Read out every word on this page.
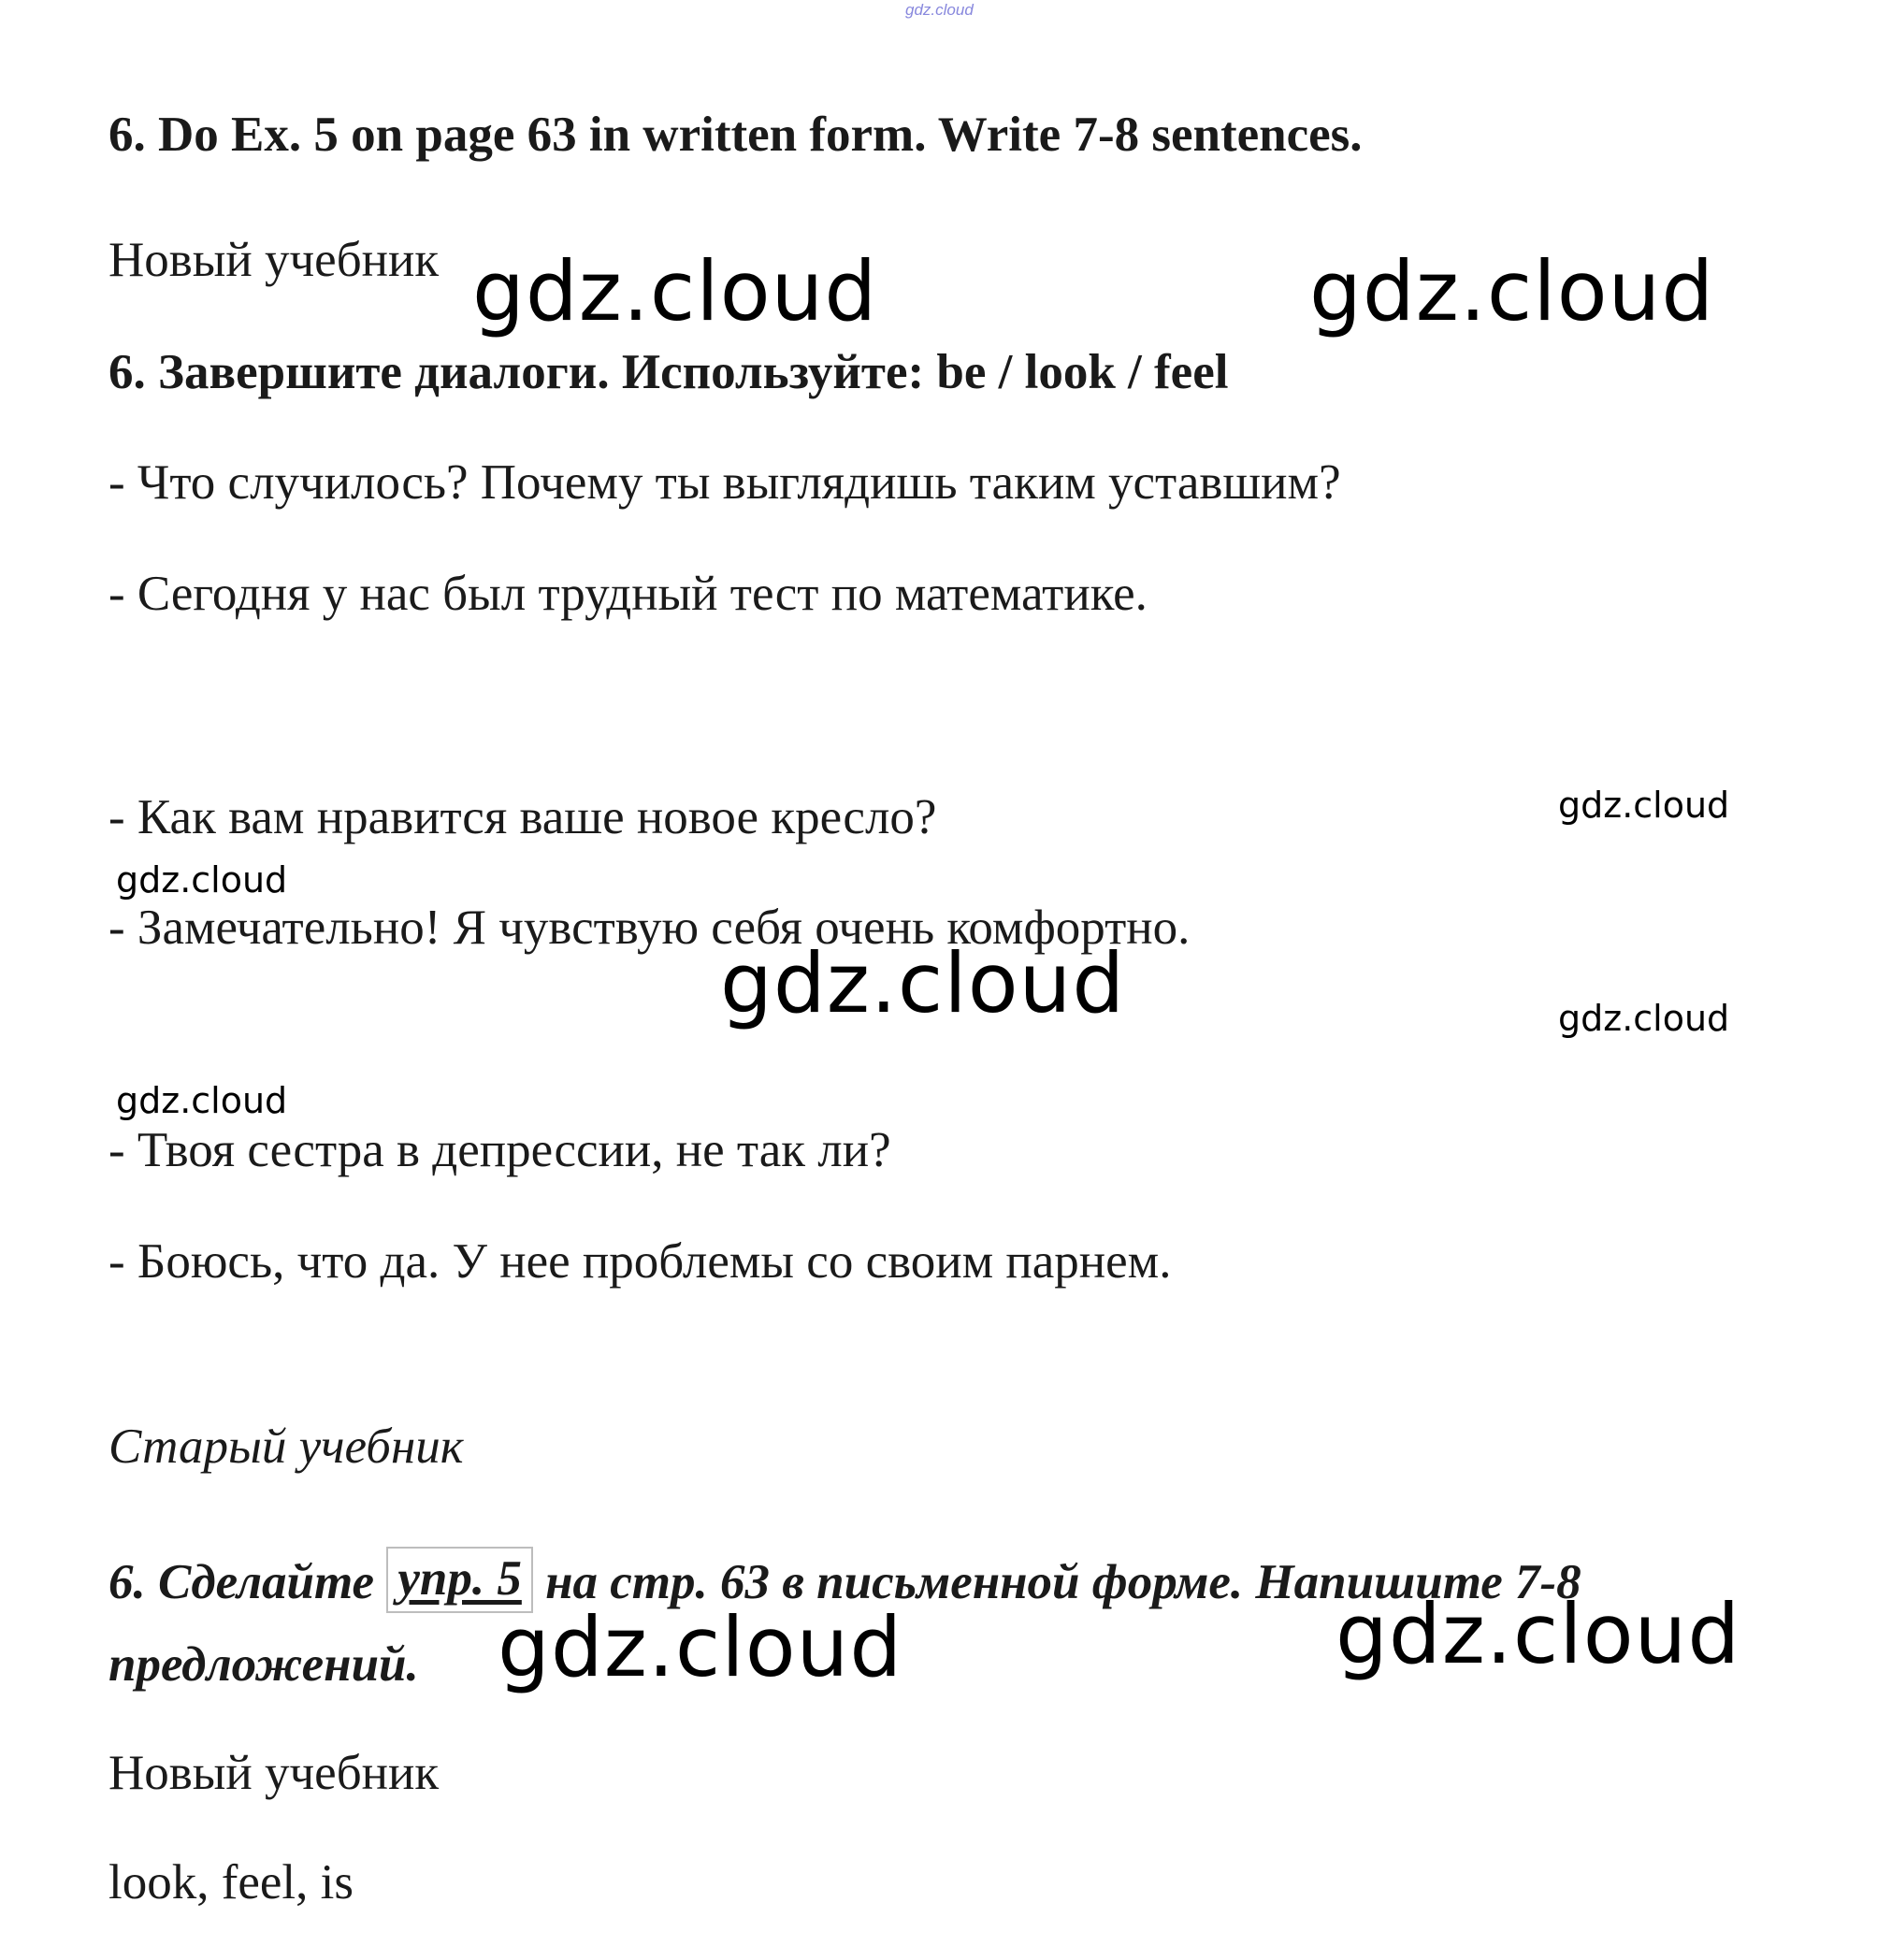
gdz.cloud

6. Do Ex. 5 on page 63 in written form. Write 7-8 sentences.

Новый учебник

6. Завершите диалоги. Используйте: be / look / feel

- Что случилось? Почему ты выглядишь таким уставшим?

- Сегодня у нас был трудный тест по математике.

- Как вам нравится ваше новое кресло?

- Замечательно! Я чувствую себя очень комфортно.

- Твоя сестра в депрессии, не так ли?

- Боюсь, что да. У нее проблемы со своим парнем.

Старый учебник

6. Сделайте упр. 5 на стр. 63 в письменной форме. Напишите 7-8

предложений.

Новый учебник

look, feel, is

gdz.cloud	gdz.cloud
gdz.cloud
gdz.cloud
gdz.cloud	gdz.cloud
gdz.cloud
gdz.cloud	gdz.cloud
